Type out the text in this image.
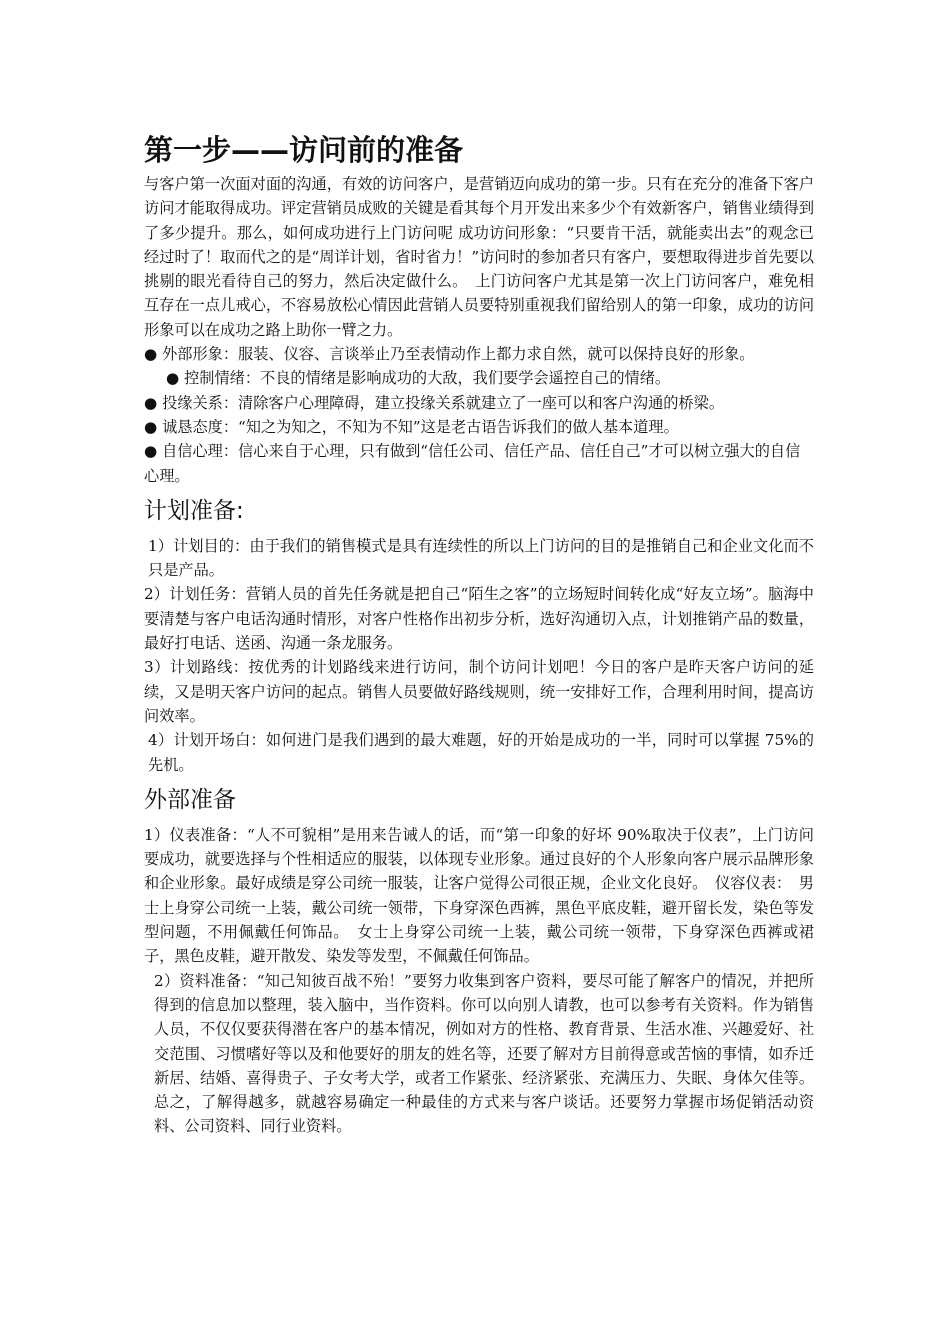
第一步——访问前的准备

与客户第一次面对面的沟通，有效的访问客户，是营销迈向成功的第一步。只有在充分的准备下客户访问才能取得成功。评定营销员成败的关键是看其每个月开发出来多少个有效新客户，销售业绩得到了多少提升。那么，如何成功进行上门访问呢 成功访问形象：“只要肯干活，就能卖出去”的观念已经过时了！取而代之的是“周详计划，省时省力！”访问时的参加者只有客户，要想取得进步首先要以挑剔的眼光看待自己的努力，然后决定做什么。　上门访问客户尤其是第一次上门访问客户，难免相互存在一点儿戒心，不容易放松心情因此营销人员要特别重视我们留给别人的第一印象，成功的访问形象可以在成功之路上助你一臂之力。

● 外部形象：服装、仪容、言谈举止乃至表情动作上都力求自然，就可以保持良好的形象。
● 控制情绪：不良的情绪是影响成功的大敌，我们要学会遥控自己的情绪。
● 投缘关系：清除客户心理障碍，建立投缘关系就建立了一座可以和客户沟通的桥梁。
● 诚恳态度：“知之为知之，不知为不知”这是老古语告诉我们的做人基本道理。
● 自信心理：信心来自于心理，只有做到“信任公司、信任产品、信任自己”才可以树立强大的自信心理。
计划准备:

1）计划目的：由于我们的销售模式是具有连续性的所以上门访问的目的是推销自己和企业文化而不只是产品。

2）计划任务：营销人员的首先任务就是把自己“陌生之客”的立场短时间转化成“好友立场”。脑海中要清楚与客户电话沟通时情形，对客户性格作出初步分析，选好沟通切入点，计划推销产品的数量，最好打电话、送函、沟通一条龙服务。

3）计划路线：按优秀的计划路线来进行访问，制个访问计划吧！今日的客户是昨天客户访问的延续，又是明天客户访问的起点。销售人员要做好路线规则，统一安排好工作，合理利用时间，提高访问效率。

4）计划开场白：如何进门是我们遇到的最大难题，好的开始是成功的一半，同时可以掌握 75%的先机。

外部准备

1）仪表准备：“人不可貌相”是用来告诫人的话，而“第一印象的好坏 90%取决于仪表”，上门访问要成功，就要选择与个性相适应的服装，以体现专业形象。通过良好的个人形象向客户展示品牌形象和企业形象。最好成绩是穿公司统一服装，让客户觉得公司很正规，企业文化良好。　仪容仪表：　男士上身穿公司统一上装，戴公司统一领带，下身穿深色西裤，黑色平底皮鞋，避开留长发，染色等发型问题，不用佩戴任何饰品。　女士上身穿公司统一上装，戴公司统一领带，下身穿深色西裤或裙子，黑色皮鞋，避开散发、染发等发型，不佩戴任何饰品。

2）资料准备：“知己知彼百战不殆！”要努力收集到客户资料，要尽可能了解客户的情况，并把所得到的信息加以整理，装入脑中，当作资料。你可以向别人请教，也可以参考有关资料。作为销售人员，不仅仅要获得潜在客户的基本情况，例如对方的性格、教育背景、生活水准、兴趣爱好、社交范围、习惯嗜好等以及和他要好的朋友的姓名等，还要了解对方目前得意或苦恼的事情，如乔迁新居、结婚、喜得贵子、子女考大学，或者工作紧张、经济紧张、充满压力、失眠、身体欠佳等。总之，了解得越多，就越容易确定一种最佳的方式来与客户谈话。还要努力掌握市场促销活动资料、公司资料、同行业资料。
